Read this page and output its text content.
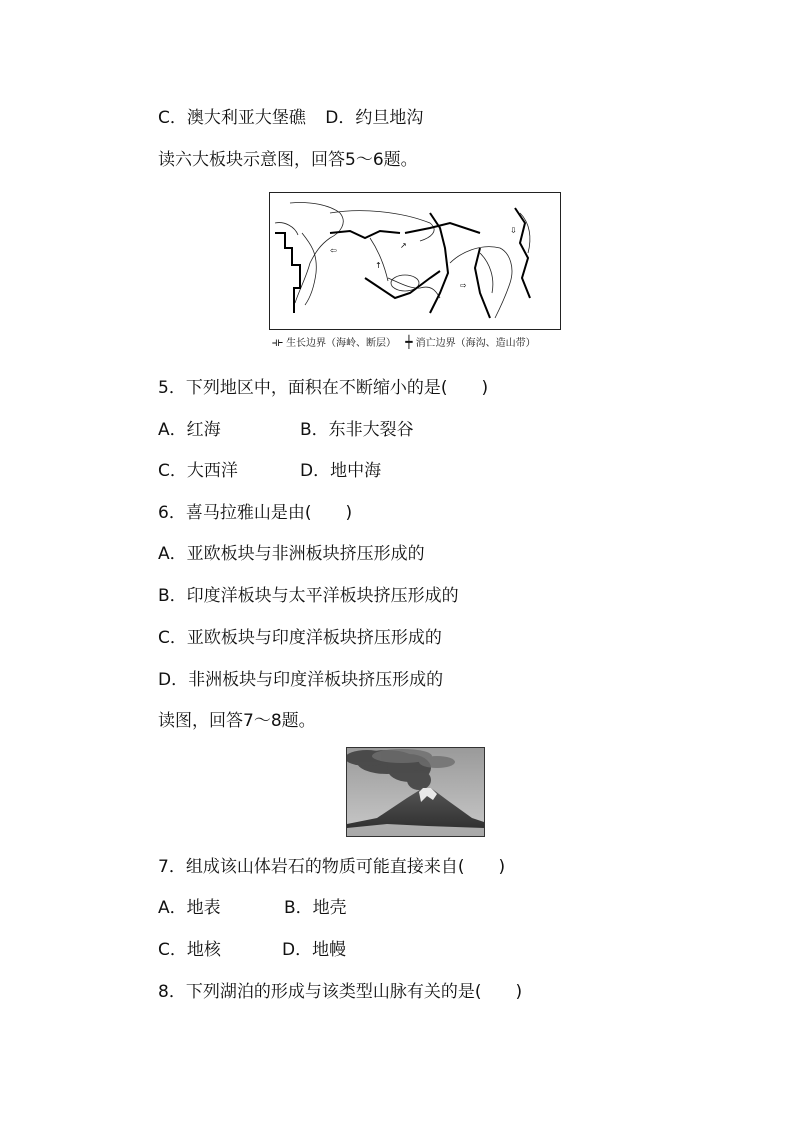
C．澳大利亚大堡礁 D．约旦地沟
读六大板块示意图，回答5～6题。
↗
⇦
⇨
⇩
↑
⟛ 生长边界（海岭、断层） ┿ 消亡边界（海沟、造山带）
5．下列地区中，面积在不断缩小的是(　　)
A．红海	B．东非大裂谷
C．大西洋	D．地中海
6．喜马拉雅山是由(　　)
A．亚欧板块与非洲板块挤压形成的
B．印度洋板块与太平洋板块挤压形成的
C．亚欧板块与印度洋板块挤压形成的
D．非洲板块与印度洋板块挤压形成的
读图，回答7～8题。
7．组成该山体岩石的物质可能直接来自(　　)
A．地表	B．地壳
C．地核	D．地幔
8．下列湖泊的形成与该类型山脉有关的是(　　)
